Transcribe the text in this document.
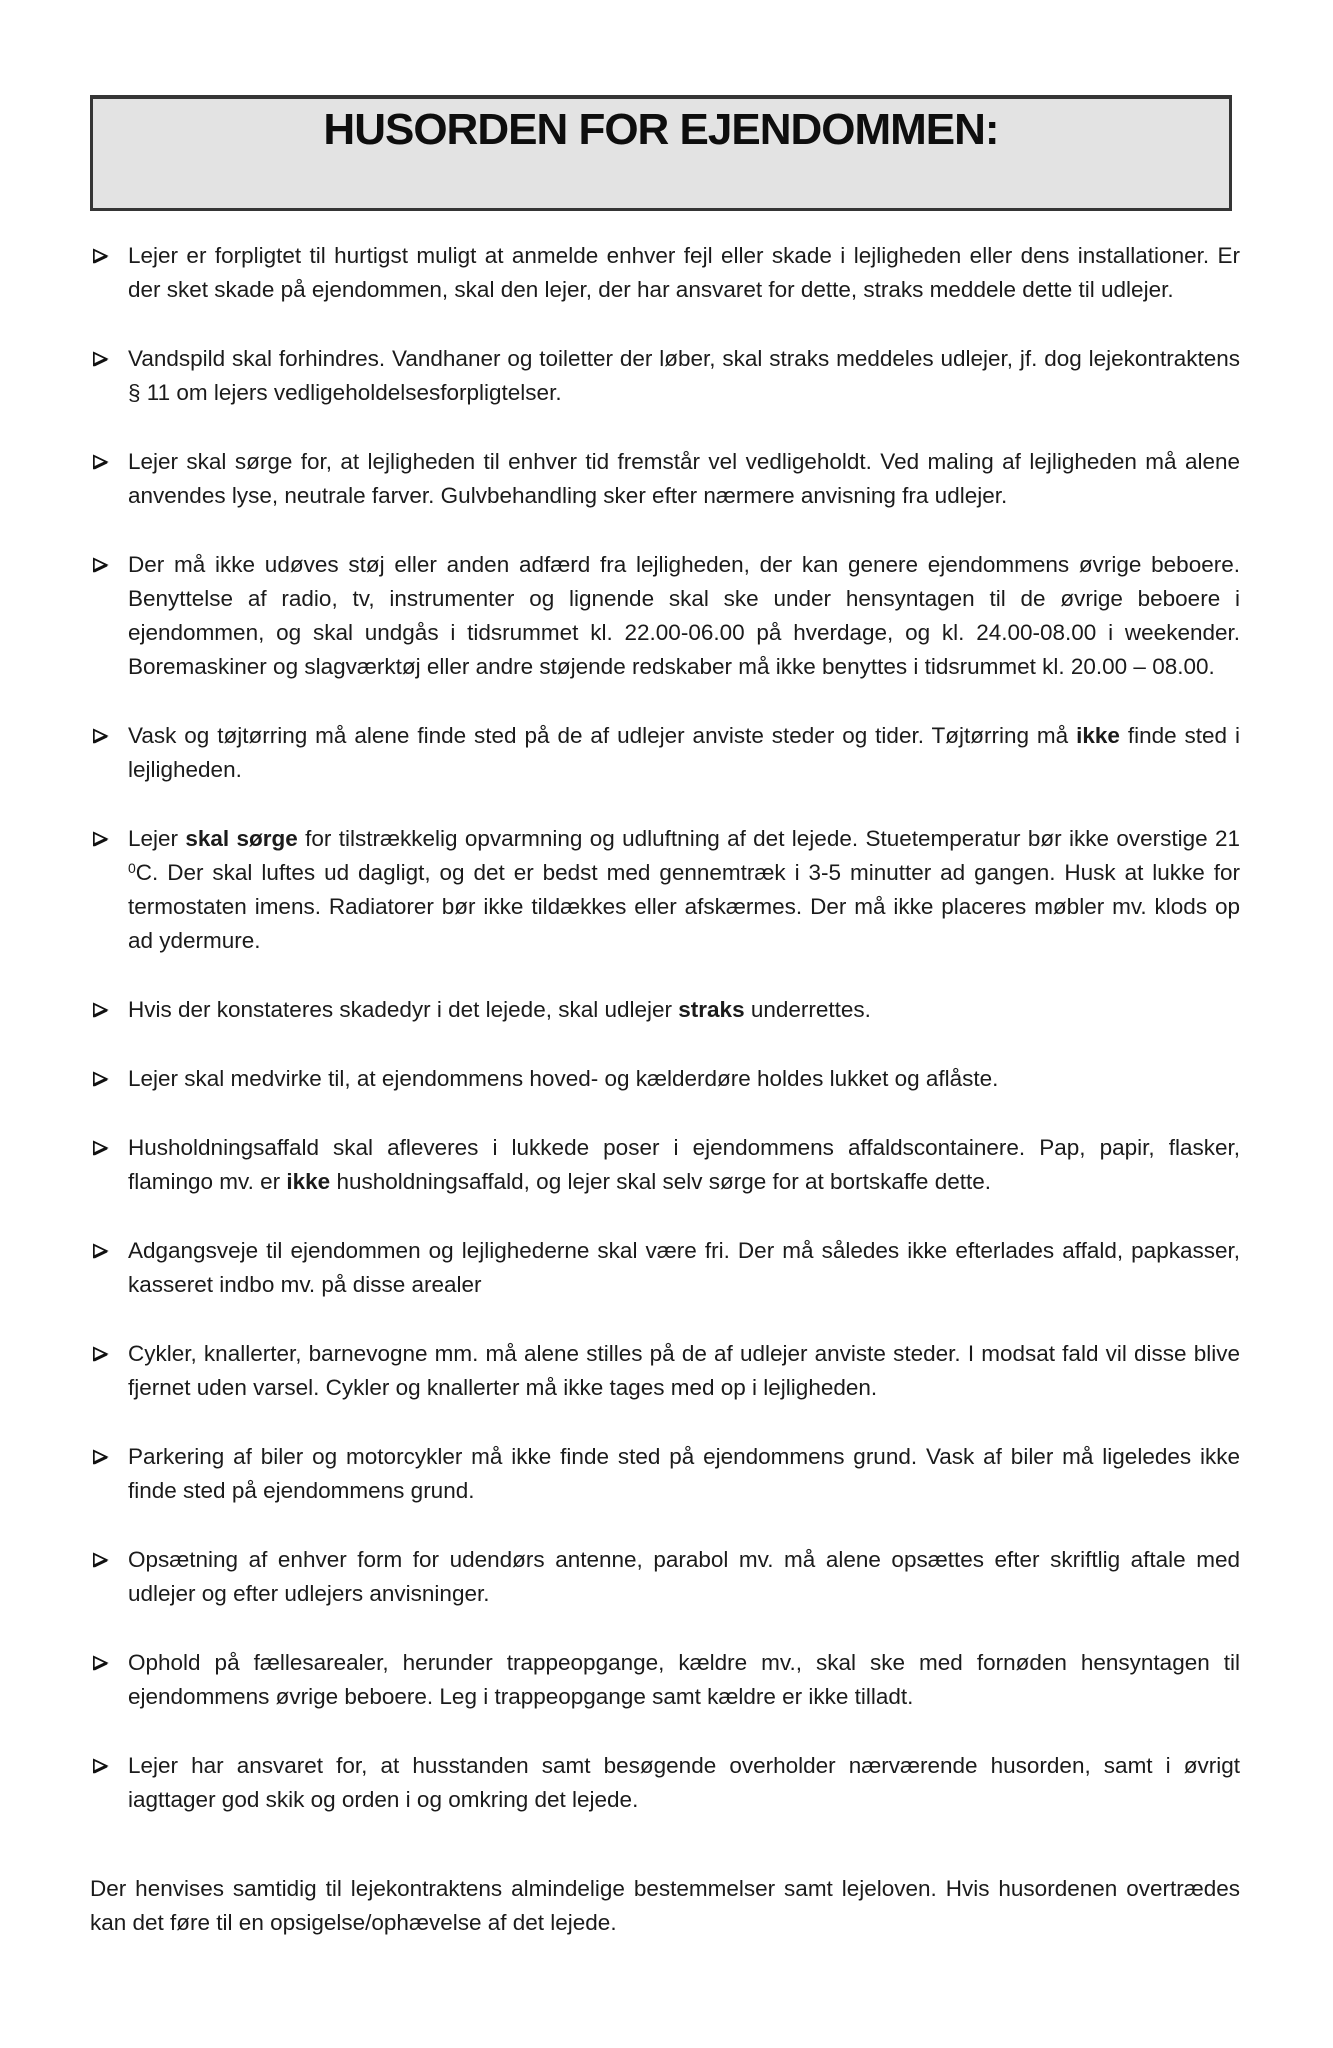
HUSORDEN FOR EJENDOMMEN:
Lejer er forpligtet til hurtigst muligt at anmelde enhver fejl eller skade i lejligheden eller dens installationer. Er der sket skade på ejendommen, skal den lejer, der har ansvaret for dette, straks meddele dette til udlejer.
Vandspild skal forhindres. Vandhaner og toiletter der løber, skal straks meddeles udlejer, jf. dog lejekontraktens § 11 om lejers vedligeholdelsesforpligtelser.
Lejer skal sørge for, at lejligheden til enhver tid fremstår vel vedligeholdt. Ved maling af lejligheden må alene anvendes lyse, neutrale farver. Gulvbehandling sker efter nærmere anvisning fra udlejer.
Der må ikke udøves støj eller anden adfærd fra lejligheden, der kan genere ejendommens øvrige beboere. Benyttelse af radio, tv, instrumenter og lignende skal ske under hensyntagen til de øvrige beboere i ejendommen, og skal undgås i tidsrummet kl. 22.00-06.00 på hverdage, og kl. 24.00-08.00 i weekender. Boremaskiner og slagværktøj eller andre støjende redskaber må ikke benyttes i tidsrummet kl. 20.00 – 08.00.
Vask og tøjtørring må alene finde sted på de af udlejer anviste steder og tider. Tøjtørring må ikke finde sted i lejligheden.
Lejer skal sørge for tilstrækkelig opvarmning og udluftning af det lejede. Stuetemperatur bør ikke overstige 21 $^0$C. Der skal luftes ud dagligt, og det er bedst med gennemtræk i 3-5 minutter ad gangen. Husk at lukke for termostaten imens. Radiatorer bør ikke tildækkes eller afskærmes. Der må ikke placeres møbler mv. klods op ad ydermure.
Hvis der konstateres skadedyr i det lejede, skal udlejer straks underrettes.
Lejer skal medvirke til, at ejendommens hoved- og kælderdøre holdes lukket og aflåste.
Husholdningsaffald skal afleveres i lukkede poser i ejendommens affaldscontainere. Pap, papir, flasker, flamingo mv. er ikke husholdningsaffald, og lejer skal selv sørge for at bortskaffe dette.
Adgangsveje til ejendommen og lejlighederne skal være fri. Der må således ikke efterlades affald, papkasser, kasseret indbo mv. på disse arealer
Cykler, knallerter, barnevogne mm. må alene stilles på de af udlejer anviste steder. I modsat fald vil disse blive fjernet uden varsel. Cykler og knallerter må ikke tages med op i lejligheden.
Parkering af biler og motorcykler må ikke finde sted på ejendommens grund. Vask af biler må ligeledes ikke finde sted på ejendommens grund.
Opsætning af enhver form for udendørs antenne, parabol mv. må alene opsættes efter skriftlig aftale med udlejer og efter udlejers anvisninger.
Ophold på fællesarealer, herunder trappeopgange, kældre mv., skal ske med fornøden hensyntagen til ejendommens øvrige beboere. Leg i trappeopgange samt kældre er ikke tilladt.
Lejer har ansvaret for, at husstanden samt besøgende overholder nærværende husorden, samt i øvrigt iagttager god skik og orden i og omkring det lejede.

Der henvises samtidig til lejekontraktens almindelige bestemmelser samt lejeloven. Hvis husordenen overtrædes kan det føre til en opsigelse/ophævelse af det lejede.
